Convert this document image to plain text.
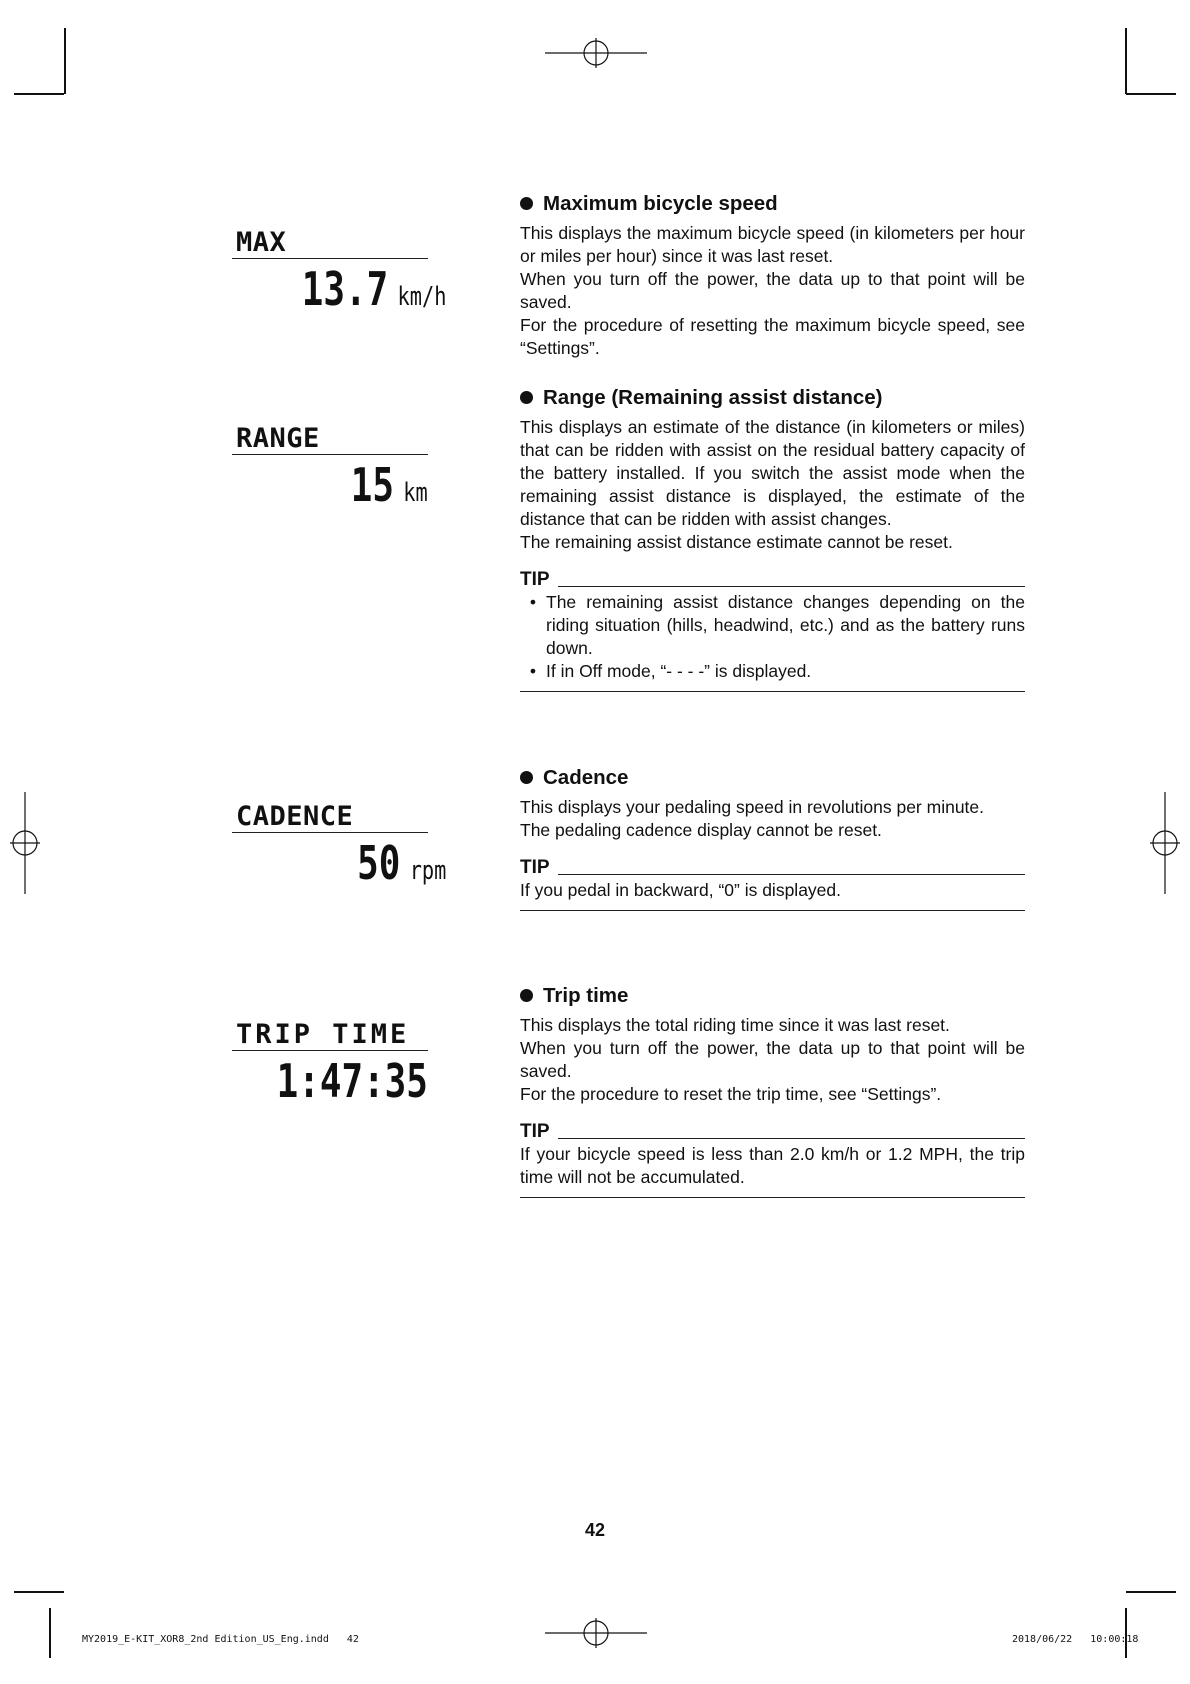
MAX
13.7 km/h
RANGE
15 km
CADENCE
50 rpm
TRIP TIME
1:47:35
Maximum bicycle speed

This displays the maximum bicycle speed (in kilometers per hour or miles per hour) since it was last reset.

When you turn off the power, the data up to that point will be saved.

For the procedure of resetting the maximum bicycle speed, see “Settings”.

Range (Remaining assist distance)

This displays an estimate of the distance (in kilometers or miles) that can be ridden with assist on the residual battery capacity of the battery installed. If you switch the assist mode when the remaining assist distance is displayed, the estimate of the distance that can be ridden with assist changes.

The remaining assist distance estimate cannot be reset.

TIP
• The remaining assist distance changes depending on the riding situation (hills, headwind, etc.) and as the battery runs down.
• If in Off mode, “- - - -” is displayed.
Cadence

This displays your pedaling speed in revolutions per minute.

The pedaling cadence display cannot be reset.

TIP

If you pedal in backward, “0” is displayed.

Trip time

This displays the total riding time since it was last reset.

When you turn off the power, the data up to that point will be saved.

For the procedure to reset the trip time, see “Settings”.

TIP

If your bicycle speed is less than 2.0 km/h or 1.2 MPH, the trip time will not be accumulated.

42
MY2019_E-KIT_XOR8_2nd Edition_US_Eng.indd   42	2018/06/22   10:00:18
